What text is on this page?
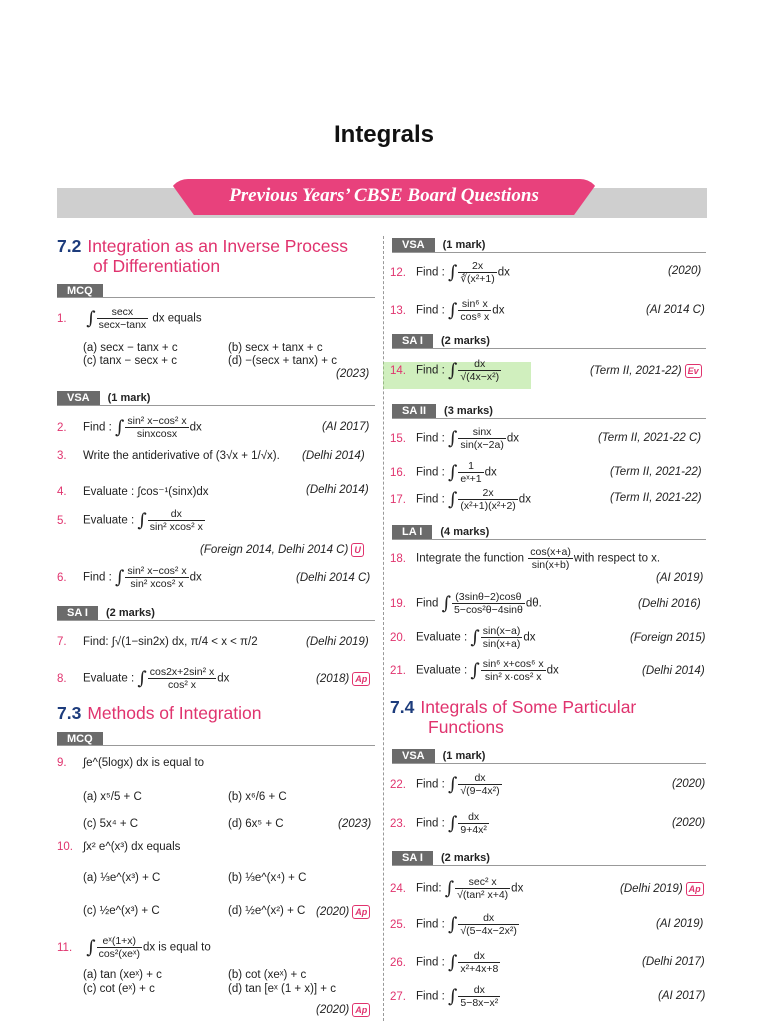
Integrals
Previous Years’ CBSE Board Questions
7.2 Integration as an Inverse Process
of Differentiation
MCQ
1. ∫ $\frac{\sec x}{\sec x-\tan x}$ dx equals
(a) secx − tanx + c	(b) secx + tanx + c
(c) tanx − secx + c	(d) −(secx + tanx) + c
(2023)
VSA (1 mark)
2. Find : ∫ $\frac{\text{sin² x−cos² x}}{\text{sinxcosx}}$ dx	(AI 2017)
3. Write the antiderivative of (3√x + 1/√x). (Delhi 2014)
4. Evaluate : ∫cos⁻¹(sinx)dx	(Delhi 2014)
5. Evaluate : ∫ $\frac{dx}{\text{sin² xcos² x}}$
(Foreign 2014, Delhi 2014 C) U
6. Find : ∫ $\frac{\text{sin² x−cos² x}}{\text{sin² xcos² x}}$ dx	(Delhi 2014 C)
SA I (2 marks)
7. Find: ∫√(1−sin2x) dx, π/4 < x < π/2	(Delhi 2019)
8. Evaluate : ∫ $\frac{\text{cos2x+2sin² x}}{\text{cos² x}}$ dx	(2018) Ap
7.3 Methods of Integration
MCQ
9. ∫e^(5logx) dx is equal to
(a) x⁵/5 + C	(b) x⁶/6 + C
(c) 5x⁴ + C	(d) 6x⁵ + C	(2023)
10. ∫x² e^(x³) dx equals
(a) ⅓e^(x³) + C	(b) ⅓e^(x⁴) + C
(c) ½e^(x³) + C	(d) ½e^(x²) + C (2020) Ap
11. ∫ $\frac{\text{eˣ(1+x)}}{\text{cos²(xeˣ)}}$ dx is equal to
(a) tan (xeˣ) + c	(b) cot (xeˣ) + c
(c) cot (eˣ) + c	(d) tan [eˣ (1 + x)] + c
(2020) Ap
VSA (1 mark)
12. Find : ∫ $\frac{2x}{\text{∛(x²+1)}}$ dx	(2020)
13. Find : ∫ $\frac{\text{sin⁶ x}}{\text{cos⁸ x}}$ dx	(AI 2014 C)
SA I (2 marks)
14. Find : ∫ $\frac{dx}{\text{√(4x−x²)}}$	(Term II, 2021-22) Ev
SA II (3 marks)
15. Find : ∫ $\frac{\sin x}{\sin(x-2a)}$ dx	(Term II, 2021-22 C)
16. Find : ∫ $\frac{1}{\text{eˣ+1}}$ dx	(Term II, 2021-22)
17. Find : ∫ $\frac{2x}{\text{(x²+1)(x²+2)}}$ dx	(Term II, 2021-22)
LA I (4 marks)
18. Integrate the function $\frac{\cos(x+a)}{\sin(x+b)}$ with respect to x.
(AI 2019)
19. Find ∫ $\frac{(3\sin\theta-2)\cos\theta}{\text{5−cos²θ−4sinθ}} d\theta$.	(Delhi 2016)
20. Evaluate : ∫ $\frac{\sin(x-a)}{\sin(x+a)}$ dx	(Foreign 2015)
21. Evaluate : ∫ $\frac{\text{sin⁶ x+cos⁶ x}}{\text{sin² x·cos² x}}$ dx	(Delhi 2014)
7.4 Integrals of Some Particular
Functions
VSA (1 mark)
22. Find : ∫ $\frac{dx}{\text{√(9−4x²)}}$	(2020)
23. Find : ∫ $\frac{dx}{\text{9+4x²}}$	(2020)
SA I (2 marks)
24. Find: ∫ $\frac{\text{sec² x}}{\text{√(tan² x+4)}}$ dx	(Delhi 2019) Ap
25. Find : ∫ $\frac{dx}{\text{√(5−4x−2x²)}}$	(AI 2019)
26. Find : ∫ $\frac{dx}{\text{x²+4x+8}}$	(Delhi 2017)
27. Find : ∫ $\frac{dx}{\text{5−8x−x²}}$	(AI 2017)
